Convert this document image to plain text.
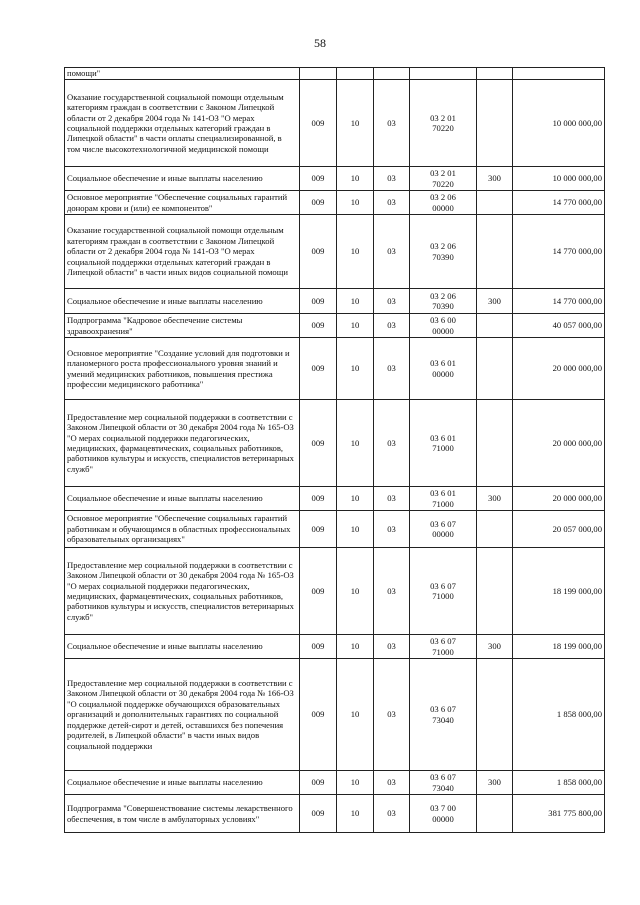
58
помощи"				

Оказание государственной социальной помощи отдельным категориям граждан в соответствии с Законом Липецкой области от 2 декабря 2004 года № 141-ОЗ "О мерах социальной поддержки отдельных категорий граждан в Липецкой области" в части оплаты специализированной, в том числе высокотехнологичной медицинской помощи	009	10	03	03 2 01
70220		10 000 000,00
Социальное обеспечение и иные выплаты населению	009	10	03	03 2 01
70220	300	10 000 000,00
Основное мероприятие "Обеспечение социальных гарантий донорам крови и (или) ее компонентов"	009	10	03	03 2 06
00000		14 770 000,00
Оказание государственной социальной помощи отдельным категориям граждан в соответствии с Законом Липецкой области от 2 декабря 2004 года № 141-ОЗ "О мерах социальной поддержки отдельных категорий граждан в Липецкой области" в части иных видов социальной помощи	009	10	03	03 2 06
70390		14 770 000,00
Социальное обеспечение и иные выплаты населению	009	10	03	03 2 06
70390	300	14 770 000,00
Подпрограмма "Кадровое обеспечение системы здравоохранения"	009	10	03	03 6 00
00000		40 057 000,00
Основное мероприятие "Создание условий для подготовки и планомерного роста профессионального уровня знаний и умений медицинских работников, повышения престижа профессии медицинского работника"	009	10	03	03 6 01
00000		20 000 000,00
Предоставление мер социальной поддержки в соответствии с Законом Липецкой области от 30 декабря 2004 года № 165-ОЗ "О мерах социальной поддержки педагогических, медицинских, фармацевтических, социальных работников, работников культуры и искусств, специалистов ветеринарных служб"	009	10	03	03 6 01
71000		20 000 000,00
Социальное обеспечение и иные выплаты населению	009	10	03	03 6 01
71000	300	20 000 000,00
Основное мероприятие "Обеспечение социальных гарантий работникам и обучающимся в областных профессиональных образовательных организациях"	009	10	03	03 6 07
00000		20 057 000,00
Предоставление мер социальной поддержки в соответствии с Законом Липецкой области от 30 декабря 2004 года № 165-ОЗ "О мерах социальной поддержки педагогических, медицинских, фармацевтических, социальных работников, работников культуры и искусств, специалистов ветеринарных служб"	009	10	03	03 6 07
71000		18 199 000,00
Социальное обеспечение и иные выплаты населению	009	10	03	03 6 07
71000	300	18 199 000,00
Предоставление мер социальной поддержки в соответствии с Законом Липецкой области от 30 декабря 2004 года № 166-ОЗ "О социальной поддержке обучающихся образовательных организаций и дополнительных гарантиях по социальной поддержке детей-сирот и детей, оставшихся без попечения родителей, в Липецкой области" в части иных видов социальной поддержки	009	10	03	03 6 07
73040		1 858 000,00
Социальное обеспечение и иные выплаты населению	009	10	03	03 6 07
73040	300	1 858 000,00
Подпрограмма "Совершенствование системы лекарственного обеспечения, в том числе в амбулаторных условиях"	009	10	03	03 7 00
00000		381 775 800,00
